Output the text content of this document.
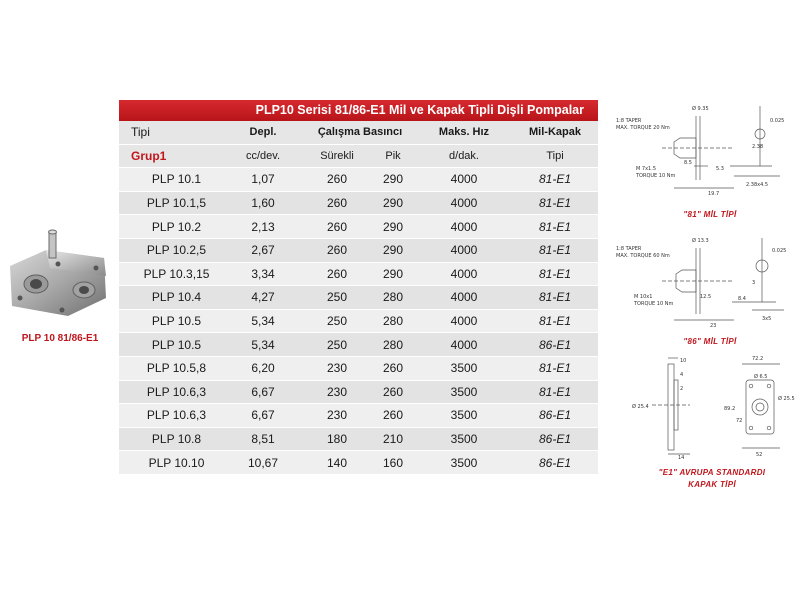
PLP 10 81/86-E1
PLP10 Serisi 81/86-E1 Mil ve Kapak Tipli Dişli Pompalar
Tipi	Depl.	Çalışma Basıncı		Maks. Hız	Mil-Kapak
Grup1	cc/dev.	Sürekli	Pik	d/dak.	Tipi
PLP 10.1	1,07	260	290	4000	81-E1
PLP 10.1,5	1,60	260	290	4000	81-E1
PLP 10.2	2,13	260	290	4000	81-E1
PLP 10.2,5	2,67	260	290	4000	81-E1
PLP 10.3,15	3,34	260	290	4000	81-E1
PLP 10.4	4,27	250	280	4000	81-E1
PLP 10.5	5,34	250	280	4000	81-E1
PLP 10.5	5,34	250	280	4000	86-E1
PLP 10.5,8	6,20	230	260	3500	81-E1
PLP 10.6,3	6,67	230	260	3500	81-E1
PLP 10.6,3	6,67	230	260	3500	86-E1
PLP 10.8	8,51	180	210	3500	86-E1
PLP 10.10	10,67	140	160	3500	86-E1
1:8 TAPER
MAX. TORQUE 20 Nm
M 7x1.5
TORQUE 10 Nm
Ø 9.35
8.5
19.7
5.3
2.38x4.5
2.38
0.025
"81" MİL TİPİ
1:8 TAPER
MAX. TORQUE 60 Nm
M 10x1
TORQUE 10 Nm
Ø 13.3
12.5
23
8.4
3x5
3
0.025
"86" MİL TİPİ
10
4
2
14
Ø 25.4
72.2
Ø 6.5
89.2
72
52
Ø 25.5
"E1" AVRUPA STANDARDI
KAPAK TİPİ
